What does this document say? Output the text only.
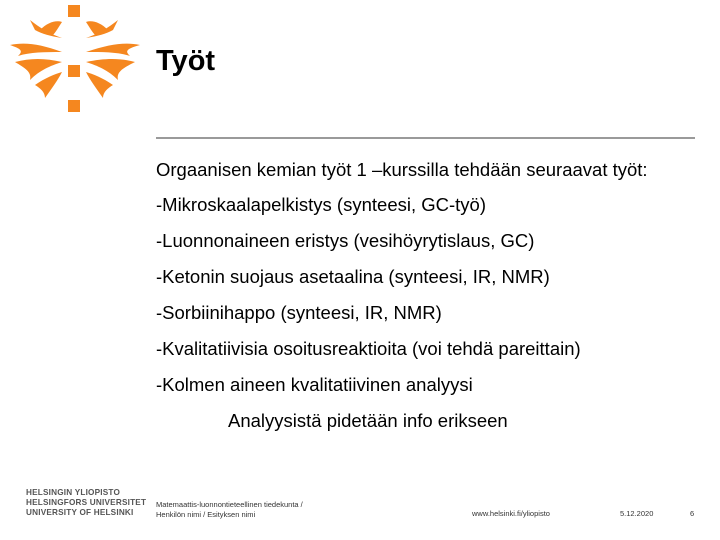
Työt

Orgaanisen kemian työt 1 –kurssilla tehdään seuraavat työt:

-Mikroskaalapelkistys (synteesi, GC-työ)

-Luonnonaineen eristys (vesihöyrytislaus, GC)

-Ketonin suojaus asetaalina (synteesi, IR, NMR)

-Sorbiinihappo (synteesi, IR, NMR)

-Kvalitatiivisia osoitusreaktioita (voi tehdä pareittain)

-Kolmen aineen kvalitatiivinen analyysi

Analyysistä pidetään info erikseen

HELSINGIN YLIOPISTO
HELSINGFORS UNIVERSITET
UNIVERSITY OF HELSINKI
Matemaattis-luonnontieteellinen tiedekunta /
Henkilön nimi / Esityksen nimi	www.helsinki.fi/yliopisto	5.12.2020	6
